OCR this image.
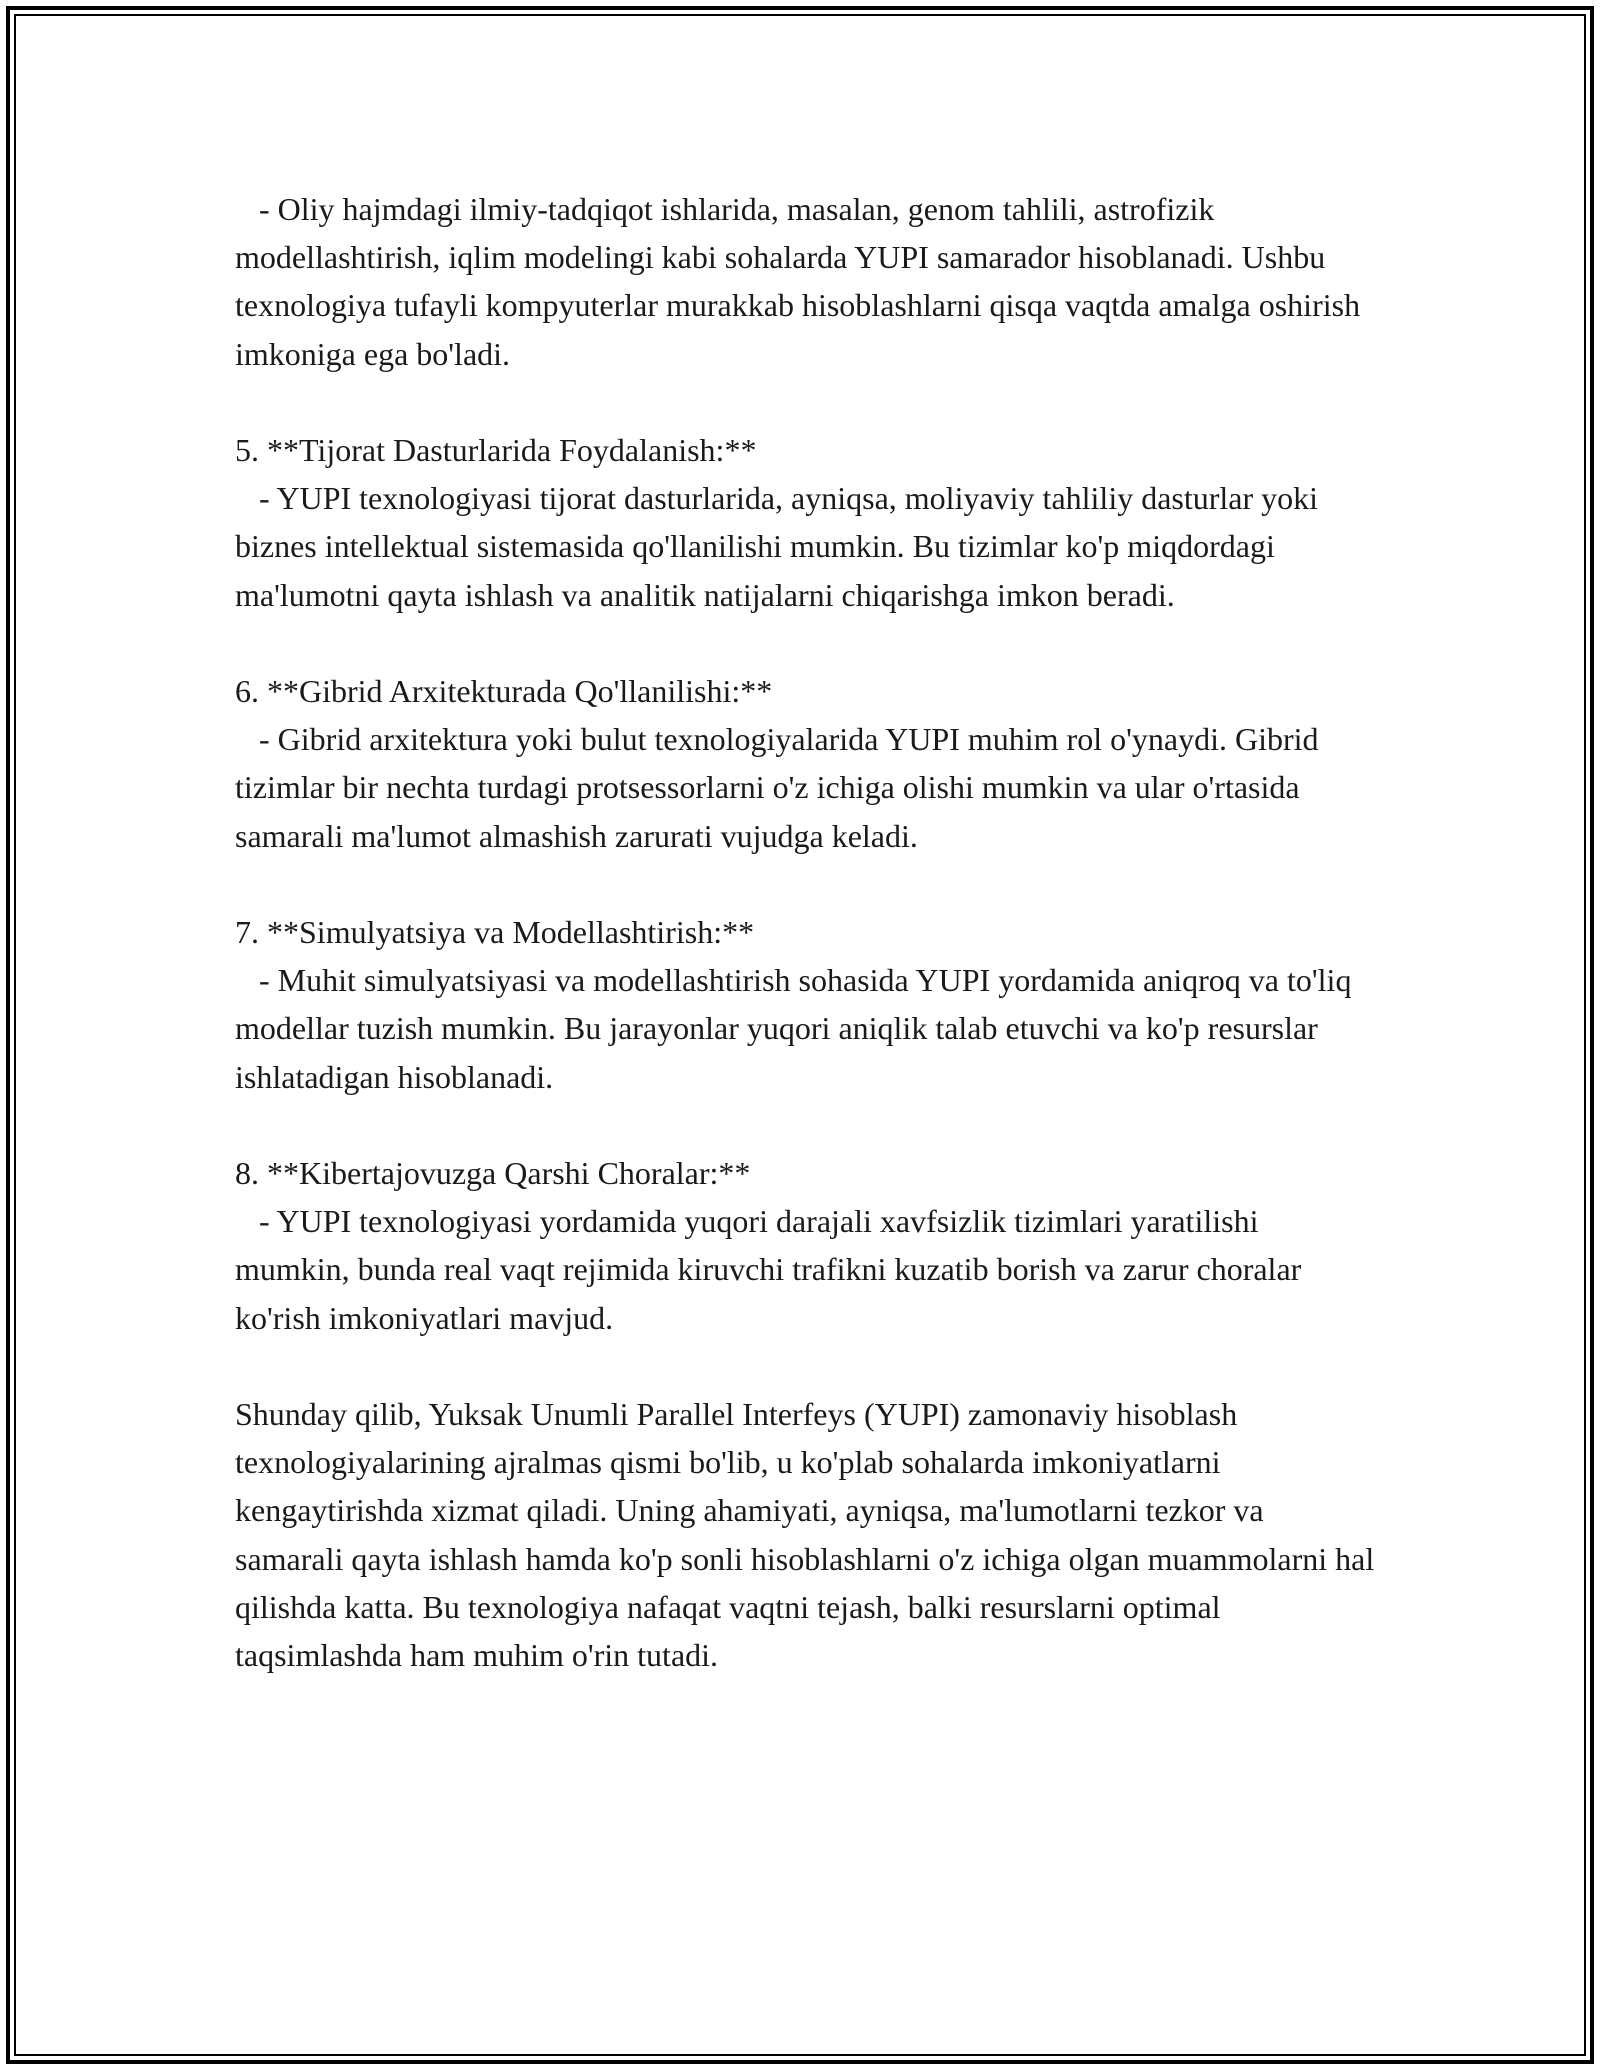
- Oliy hajmdagi ilmiy-tadqiqot ishlarida, masalan, genom tahlili, astrofizik modellashtirish, iqlim modelingi kabi sohalarda YUPI samarador hisoblanadi. Ushbu texnologiya tufayli kompyuterlar murakkab hisoblashlarni qisqa vaqtda amalga oshirish imkoniga ega bo'ladi.

5. **Tijorat Dasturlarida Foydalanish:**

- YUPI texnologiyasi tijorat dasturlarida, ayniqsa, moliyaviy tahliliy dasturlar yoki biznes intellektual sistemasida qo'llanilishi mumkin. Bu tizimlar ko'p miqdordagi ma'lumotni qayta ishlash va analitik natijalarni chiqarishga imkon beradi.

6. **Gibrid Arxitekturada Qo'llanilishi:**

- Gibrid arxitektura yoki bulut texnologiyalarida YUPI muhim rol o'ynaydi. Gibrid tizimlar bir nechta turdagi protsessorlarni o'z ichiga olishi mumkin va ular o'rtasida samarali ma'lumot almashish zarurati vujudga keladi.

7. **Simulyatsiya va Modellashtirish:**

- Muhit simulyatsiyasi va modellashtirish sohasida YUPI yordamida aniqroq va to'liq modellar tuzish mumkin. Bu jarayonlar yuqori aniqlik talab etuvchi va ko'p resurslar ishlatadigan hisoblanadi.

8. **Kibertajovuzga Qarshi Choralar:**

- YUPI texnologiyasi yordamida yuqori darajali xavfsizlik tizimlari yaratilishi mumkin, bunda real vaqt rejimida kiruvchi trafikni kuzatib borish va zarur choralar ko'rish imkoniyatlari mavjud.

Shunday qilib, Yuksak Unumli Parallel Interfeys (YUPI) zamonaviy hisoblash texnologiyalarining ajralmas qismi bo'lib, u ko'plab sohalarda imkoniyatlarni kengaytirishda xizmat qiladi. Uning ahamiyati, ayniqsa, ma'lumotlarni tezkor va samarali qayta ishlash hamda ko'p sonli hisoblashlarni o'z ichiga olgan muammolarni hal qilishda katta. Bu texnologiya nafaqat vaqtni tejash, balki resurslarni optimal taqsimlashda ham muhim o'rin tutadi.
